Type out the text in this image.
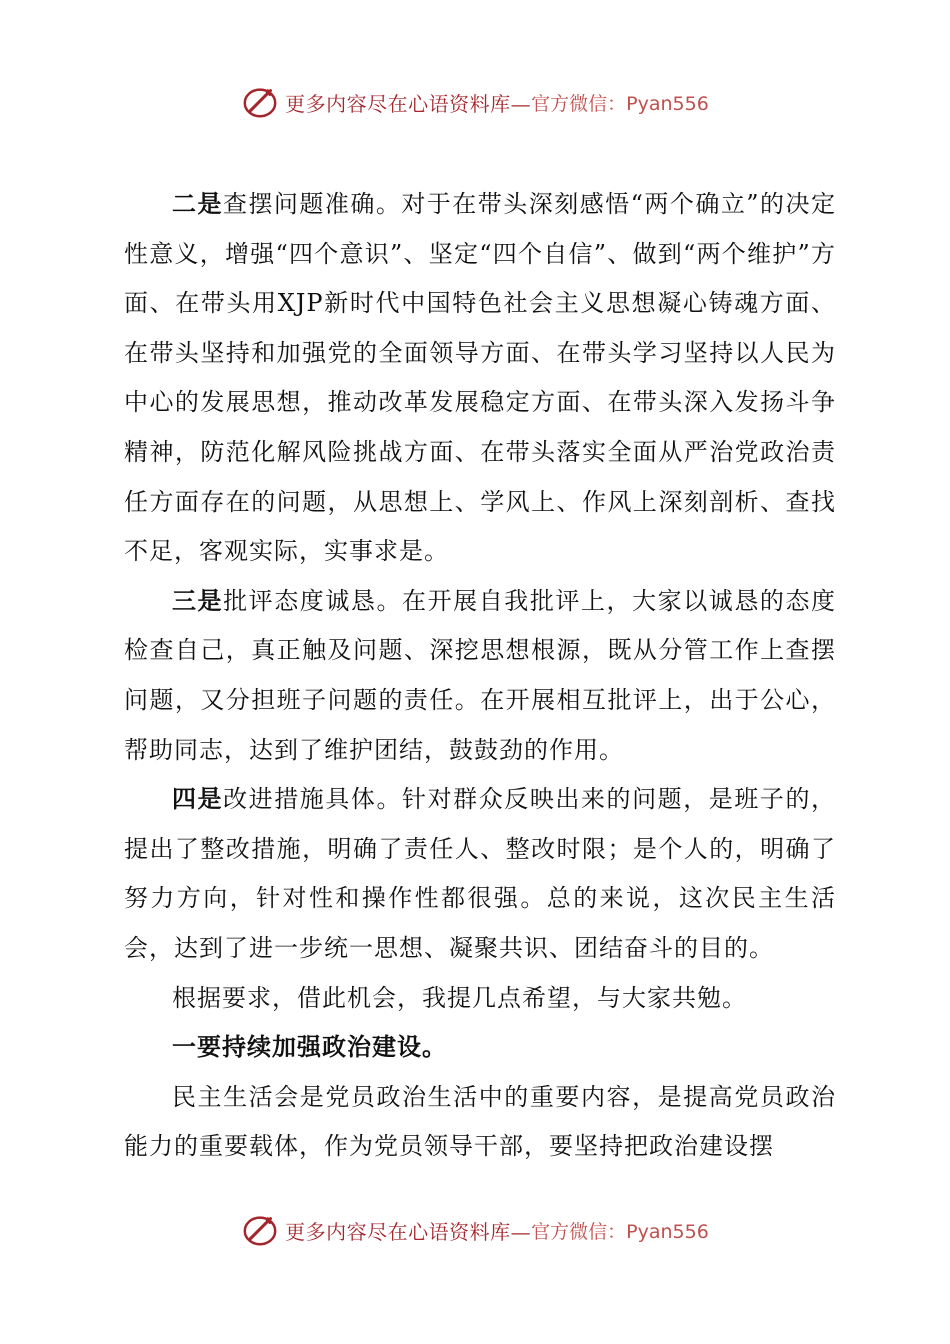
更多内容尽在心语资料库— 官方微信：Pyan556

二是查摆问题准确。对于在带头深刻感悟“两个确立”的决定性意义，增强“四个意识”、坚定“四个自信”、做到“两个维护”方面、在带头用XJP新时代中国特色社会主义思想凝心铸魂方面、在带头坚持和加强党的全面领导方面、在带头学习坚持以人民为中心的发展思想，推动改革发展稳定方面、在带头深入发扬斗争精神，防范化解风险挑战方面、在带头落实全面从严治党政治责任方面存在的问题，从思想上、学风上、作风上深刻剖析、查找不足，客观实际，实事求是。

三是批评态度诚恳。在开展自我批评上，大家以诚恳的态度检查自己，真正触及问题、深挖思想根源，既从分管工作上查摆问题，又分担班子问题的责任。在开展相互批评上，出于公心，帮助同志，达到了维护团结，鼓鼓劲的作用。

四是改进措施具体。针对群众反映出来的问题，是班子的，提出了整改措施，明确了责任人、整改时限；是个人的，明确了努力方向，针对性和操作性都很强。总的来说，这次民主生活会，达到了进一步统一思想、凝聚共识、团结奋斗的目的。

根据要求，借此机会，我提几点希望，与大家共勉。

一要持续加强政治建设。

民主生活会是党员政治生活中的重要内容，是提高党员政治能力的重要载体，作为党员领导干部，要坚持把政治建设摆

更多内容尽在心语资料库— 官方微信：Pyan556
